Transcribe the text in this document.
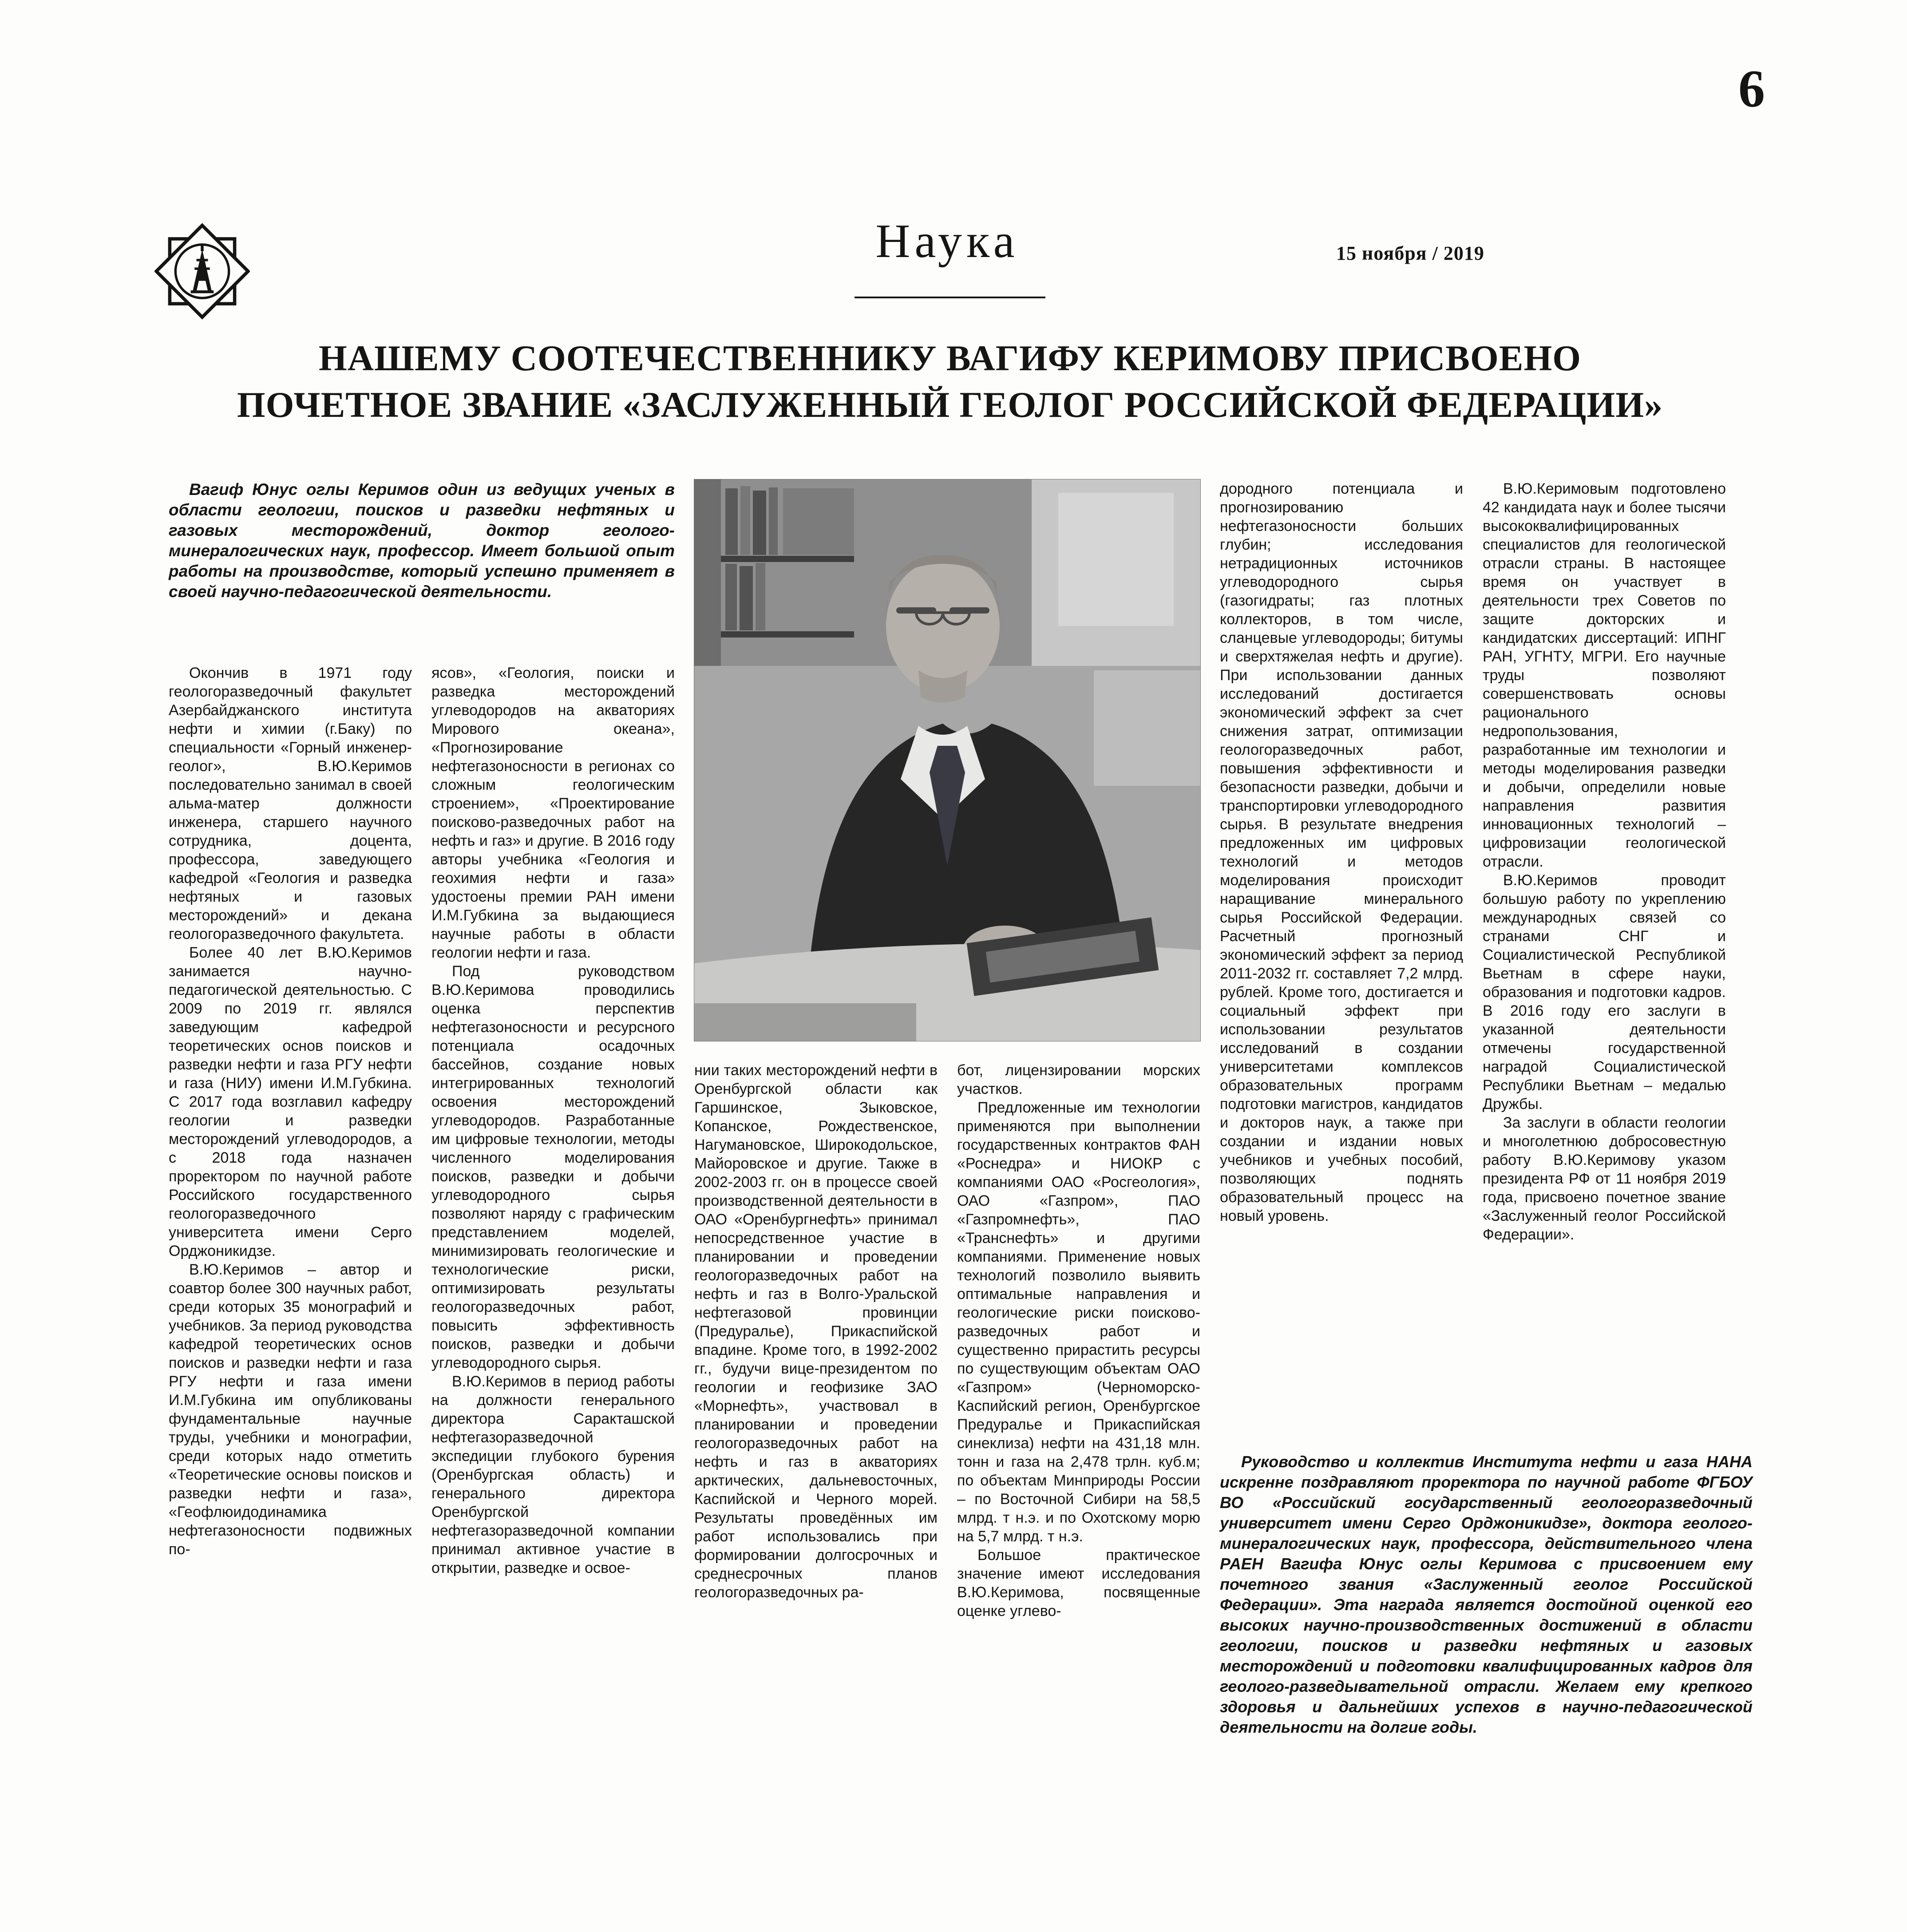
6
Наука	15 ноября / 2019
НАШЕМУ СООТЕЧЕСТВЕННИКУ ВАГИФУ КЕРИМОВУ ПРИСВОЕНО
ПОЧЕТНОЕ ЗВАНИЕ «ЗАСЛУЖЕННЫЙ ГЕОЛОГ РОССИЙСКОЙ ФЕДЕРАЦИИ»

Вагиф Юнус оглы Керимов один из ведущих ученых в области геологии, поисков и разведки нефтяных и газовых месторождений, доктор геолого-минералогических наук, профессор. Имеет большой опыт работы на производстве, который успешно применяет в своей научно-педагогической деятельности.

Окончив в 1971 году геологоразведочный факультет Азербайджанского института нефти и химии (г.Баку) по специальности «Горный инженер-геолог», В.Ю.Керимов последовательно занимал в своей альма-матер должности инженера, старшего научного сотрудника, доцента, профессора, заведующего кафедрой «Геология и разведка нефтяных и газовых месторождений» и декана геологоразведочного факультета.

Более 40 лет В.Ю.Керимов занимается научно-педагогической деятельностью. С 2009 по 2019 гг. являлся заведующим кафедрой теоретических основ поисков и разведки нефти и газа РГУ нефти и газа (НИУ) имени И.М.Губкина. С 2017 года возглавил кафедру геологии и разведки месторождений углеводородов, а с 2018 года назначен проректором по научной работе Российского государственного геологоразведочного университета имени Серго Орджоникидзе.

В.Ю.Керимов – автор и соавтор более 300 научных работ, среди которых 35 монографий и учебников. За период руководства кафедрой теоретических основ поисков и разведки нефти и газа РГУ нефти и газа имени И.М.Губкина им опубликованы фундаментальные научные труды, учебники и монографии, среди которых надо отметить «Теоретические основы поисков и разведки нефти и газа», «Геофлюидодинамика нефтегазоносности подвижных по-

ясов», «Геология, поиски и разведка месторождений углеводородов на акваториях Мирового океана», «Прогнозирование нефтегазоносности в регионах со сложным геологическим строением», «Проектирование поисково-разведочных работ на нефть и газ» и другие. В 2016 году авторы учебника «Геология и геохимия нефти и газа» удостоены премии РАН имени И.М.Губкина за выдающиеся научные работы в области геологии нефти и газа.

Под руководством В.Ю.Керимова проводились оценка перспектив нефтегазоносности и ресурсного потенциала осадочных бассейнов, создание новых интегрированных технологий освоения месторождений углеводородов. Разработанные им цифровые технологии, методы численного моделирования поисков, разведки и добычи углеводородного сырья позволяют наряду с графическим представлением моделей, минимизировать геологические и технологические риски, оптимизировать результаты геологоразведочных работ, повысить эффективность поисков, разведки и добычи углеводородного сырья.

В.Ю.Керимов в период работы на должности генерального директора Саракташской нефтегазоразведочной экспедиции глубокого бурения (Оренбургская область) и генерального директора Оренбургской нефтегазоразведочной компании принимал активное участие в открытии, разведке и освое-

нии таких месторождений нефти в Оренбургской области как Гаршинское, Зыковское, Копанское, Рождественское, Нагумановское, Широкодольское, Майоровское и другие. Также в 2002-2003 гг. он в процессе своей производственной деятельности в ОАО «Оренбургнефть» принимал непосредственное участие в планировании и проведении геологоразведочных работ на нефть и газ в Волго-Уральской нефтегазовой провинции (Предуралье), Прикаспийской впадине. Кроме того, в 1992-2002 гг., будучи вице-президентом по геологии и геофизике ЗАО «Морнефть», участвовал в планировании и проведении геологоразведочных работ на нефть и газ в акваториях арктических, дальневосточных, Каспийской и Черного морей. Результаты проведённых им работ использовались при формировании долгосрочных и среднесрочных планов геологоразведочных ра-

бот, лицензировании морских участков.

Предложенные им технологии применяются при выполнении государственных контрактов ФАН «Роснедра» и НИОКР с компаниями ОАО «Росгеология», ОАО «Газпром», ПАО «Газпромнефть», ПАО «Транснефть» и другими компаниями. Применение новых технологий позволило выявить оптимальные направления и геологические риски поисково-разведочных работ и существенно прирастить ресурсы по существующим объектам ОАО «Газпром» (Черноморско-Каспийский регион, Оренбургское Предуралье и Прикаспийская синеклиза) нефти на 431,18 млн. тонн и газа на 2,478 трлн. куб.м; по объектам Минприроды России – по Восточной Сибири на 58,5 млрд. т н.э. и по Охотскому морю на 5,7 млрд. т н.э.

Большое практическое значение имеют исследования В.Ю.Керимова, посвященные оценке углево-

дородного потенциала и прогнозированию нефтегазоносности больших глубин; исследования нетрадиционных источников углеводородного сырья (газогидраты; газ плотных коллекторов, в том числе, сланцевые углеводороды; битумы и сверхтяжелая нефть и другие). При использовании данных исследований достигается экономический эффект за счет снижения затрат, оптимизации геологоразведочных работ, повышения эффективности и безопасности разведки, добычи и транспортировки углеводородного сырья. В результате внедрения предложенных им цифровых технологий и методов моделирования происходит наращивание минерального сырья Российской Федерации. Расчетный прогнозный экономический эффект за период 2011-2032 гг. составляет 7,2 млрд. рублей. Кроме того, достигается и социальный эффект при использовании результатов исследований в создании университетами комплексов образовательных программ подготовки магистров, кандидатов и докторов наук, а также при создании и издании новых учебников и учебных пособий, позволяющих поднять образовательный процесс на новый уровень.

В.Ю.Керимовым подготовлено 42 кандидата наук и более тысячи высококвалифицированных специалистов для геологической отрасли страны. В настоящее время он участвует в деятельности трех Советов по защите докторских и кандидатских диссертаций: ИПНГ РАН, УГНТУ, МГРИ. Его научные труды позволяют совершенствовать основы рационального недропользования, разработанные им технологии и методы моделирования разведки и добычи, определили новые направления развития инновационных технологий – цифровизации геологической отрасли.

В.Ю.Керимов проводит большую работу по укреплению международных связей со странами СНГ и Социалистической Республикой Вьетнам в сфере науки, образования и подготовки кадров. В 2016 году его заслуги в указанной деятельности отмечены государственной наградой Социалистической Республики Вьетнам – медалью Дружбы.

За заслуги в области геологии и многолетнюю добросовестную работу В.Ю.Керимову указом президента РФ от 11 ноября 2019 года, присвоено почетное звание «Заслуженный геолог Российской Федерации».

Руководство и коллектив Института нефти и газа НАНА искренне поздравляют проректора по научной работе ФГБОУ ВО «Российский государственный геологоразведочный университет имени Серго Орджоникидзе», доктора геолого-минералогических наук, профессора, действительного члена РАЕН Вагифа Юнус оглы Керимова с присвоением ему почетного звания «Заслуженный геолог Российской Федерации». Эта награда является достойной оценкой его высоких научно-производственных достижений в области геологии, поисков и разведки нефтяных и газовых месторождений и подготовки квалифицированных кадров для геолого-разведывательной отрасли. Желаем ему крепкого здоровья и дальнейших успехов в научно-педагогической деятельности на долгие годы.
